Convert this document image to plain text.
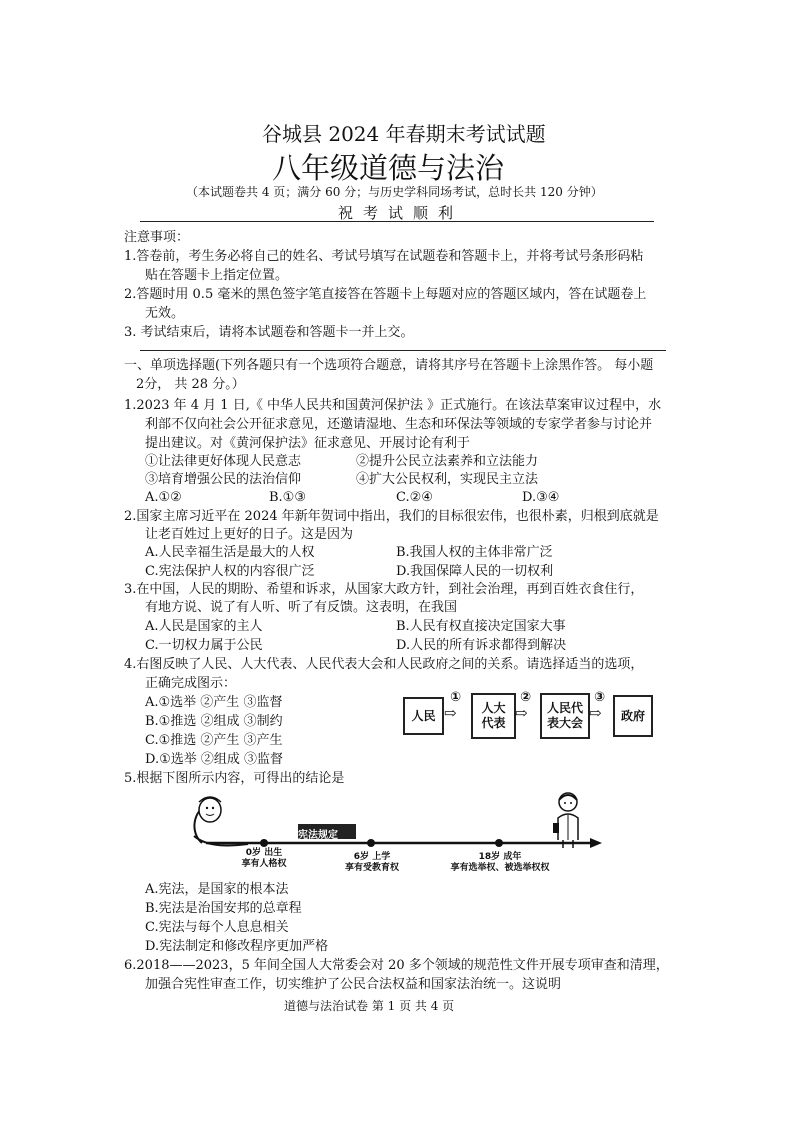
谷城县 2024 年春期末考试试题
八年级道德与法治
（本试题卷共 4 页；满分 60 分；与历史学科同场考试，总时长共 120 分钟）
祝考试顺利
注意事项：
1.答卷前，考生务必将自己的姓名、考试号填写在试题卷和答题卡上，并将考试号条形码粘
贴在答题卡上指定位置。
2.答题时用 0.5 毫米的黑色签字笔直接答在答题卡上每题对应的答题区域内，答在试题卷上
无效。
3. 考试结束后，请将本试题卷和答题卡一并上交。
一、单项选择题(下列各题只有一个选项符合题意，请将其序号在答题卡上涂黑作答。 每小题
2分， 共 28 分。）
1.2023 年 4 月 1 日,《 中华人民共和国黄河保护法 》正式施行。在该法草案审议过程中，水
利部不仅向社会公开征求意见，还邀请湿地、生态和环保法等领域的专家学者参与讨论并
提出建议。对《黄河保护法》征求意见、开展讨论有利于
①让法律更好体现人民意志	②提升公民立法素养和立法能力
③培育增强公民的法治信仰	④扩大公民权利，实现民主立法
A.①②	B.①③	C.②④	D.③④
2.国家主席习近平在 2024 年新年贺词中指出，我们的目标很宏伟，也很朴素，归根到底就是
让老百姓过上更好的日子。这是因为
A.人民幸福生活是最大的人权	B.我国人权的主体非常广泛
C.宪法保护人权的内容很广泛	D.我国保障人民的一切权利
3.在中国，人民的期盼、希望和诉求，从国家大政方针，到社会治理，再到百姓衣食住行，
有地方说、说了有人听、听了有反馈。这表明，在我国
A.人民是国家的主人	B.人民有权直接决定国家大事
C.一切权力属于公民	D.人民的所有诉求都得到解决
4.右图反映了人民、人大代表、人民代表大会和人民政府之间的关系。请选择适当的选项，
正确完成图示：
A.①选举 ②产生 ③监督
B.①推选 ②组成 ③制约
C.①推选 ②产生 ③产生
D.①选举 ②组成 ③监督
人民
①
⇨ 人大
代表
②
⇨ 人民代
表大会
③
⇨ 政府
5.根据下图所示内容，可得出的结论是
宪法规定
0岁 出生
享有人格权
6岁 上学
享有受教育权
18岁 成年
享有选举权、被选举权权
A.宪法，是国家的根本法
B.宪法是治国安邦的总章程
C.宪法与每个人息息相关
D.宪法制定和修改程序更加严格
6.2018——2023，5 年间全国人大常委会对 20 多个领域的规范性文件开展专项审查和清理，
加强合宪性审查工作，切实维护了公民合法权益和国家法治统一。这说明
道德与法治试卷 第 1 页 共 4 页
